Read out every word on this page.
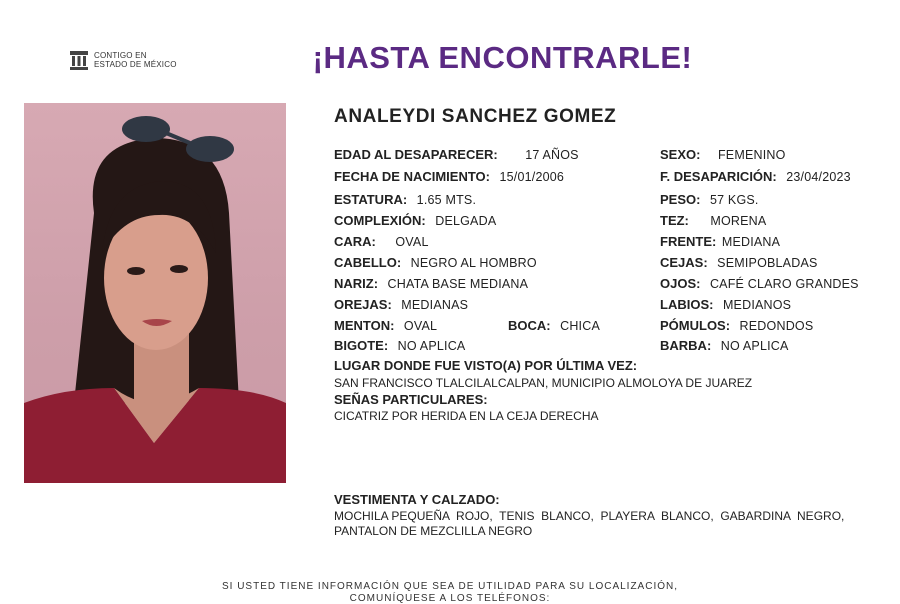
CONTIGO EN
ESTADO DE MÉXICO	¡HASTA ENCONTRARLE!
ANALEYDI SANCHEZ GOMEZ
EDAD AL DESAPARECER: 17 AÑOS
FECHA DE NACIMIENTO: 15/01/2006
ESTATURA: 1.65 MTS.
COMPLEXIÓN: DELGADA
CARA: OVAL
CABELLO: NEGRO AL HOMBRO
NARIZ: CHATA BASE MEDIANA
OREJAS: MEDIANAS
MENTON: OVAL	BOCA: CHICA
BIGOTE: NO APLICA
SEXO: FEMENINO
F. DESAPARICIÓN: 23/04/2023
PESO: 57 KGS.
TEZ: MORENA
FRENTE: MEDIANA
CEJAS: SEMIPOBLADAS
OJOS: CAFÉ CLARO GRANDES
LABIOS: MEDIANOS
PÓMULOS: REDONDOS
BARBA: NO APLICA
LUGAR DONDE FUE VISTO(A) POR ÚLTIMA VEZ:
SAN FRANCISCO TLALCILALCALPAN, MUNICIPIO ALMOLOYA DE JUAREZ
SEÑAS PARTICULARES:
CICATRIZ POR HERIDA EN LA CEJA DERECHA
VESTIMENTA Y CALZADO:
MOCHILA PEQUEÑA  ROJO,  TENIS  BLANCO,  PLAYERA  BLANCO,  GABARDINA  NEGRO,
PANTALON DE MEZCLILLA NEGRO
SI USTED TIENE INFORMACIÓN QUE SEA DE UTILIDAD PARA SU LOCALIZACIÓN,
COMUNÍQUESE A LOS TELÉFONOS:
